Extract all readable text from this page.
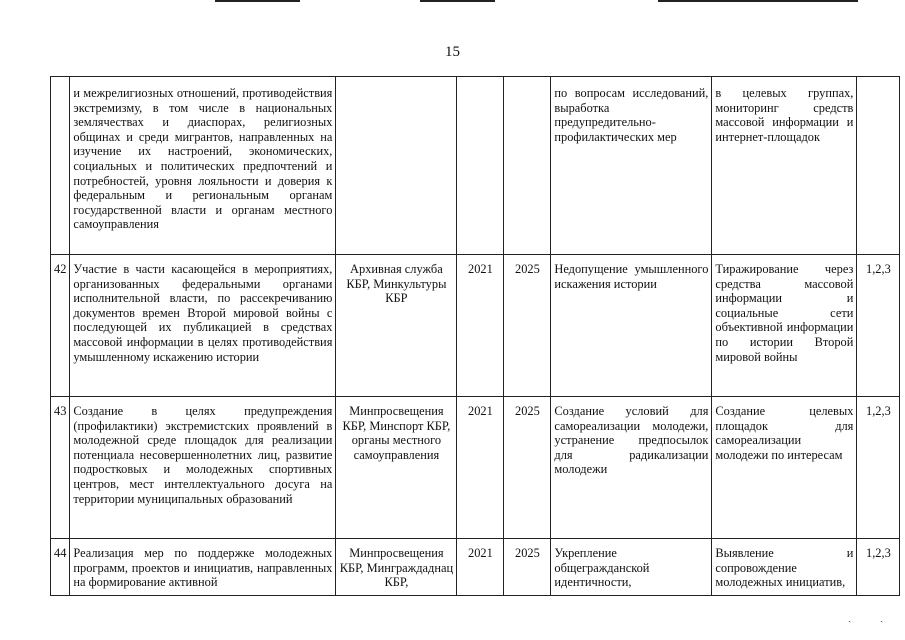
15
	и межрелигиозных отношений, противодействия экстремизму, в том числе в национальных землячествах и диаспорах, религиозных общинах и среди мигрантов, направленных на изучение их настроений, экономических, социальных и политических предпочтений и потребностей, уровня лояльности и доверия к федеральным и региональным органам государственной власти и органам местного самоуправления				по вопросам исследований, выработка предупредительно-профилактических мер	в целевых группах, мониторинг средств массовой информации и интернет-площадок	
42	Участие в части касающейся в мероприятиях, организованных федеральными органами исполнительной власти, по рассекречиванию документов времен Второй мировой войны с последующей их публикацией в средствах массовой информации в целях противодействия умышленному искажению истории	Архивная служба КБР, Минкультуры КБР	2021	2025	Недопущение умышленного искажения истории	Тиражирование через средства массовой информации и социальные сети объективной информации по истории Второй мировой войны	1,2,3
43	Создание в целях предупреждения (профилактики) экстремистских проявлений в молодежной среде площадок для реализации потенциала несовершеннолетних лиц, развитие подростковых и молодежных спортивных центров, мест интеллектуального досуга на территории муниципальных образований	Минпросвещения КБР, Минспорт КБР, органы местного самоуправления	2021	2025	Создание условий для самореализации молодежи, устранение предпосылок для радикализации молодежи	Создание целевых площадок для самореализации молодежи по интересам	1,2,3
44	Реализация мер по поддержке молодежных программ, проектов и инициатив, направленных на формирование активной	Минпросвещения КБР, Минграждаднац КБР,	2021	2025	Укрепление общегражданской идентичности,	Выявление и сопровождение молодежных инициатив,	1,2,3
ˏ	ˏ
